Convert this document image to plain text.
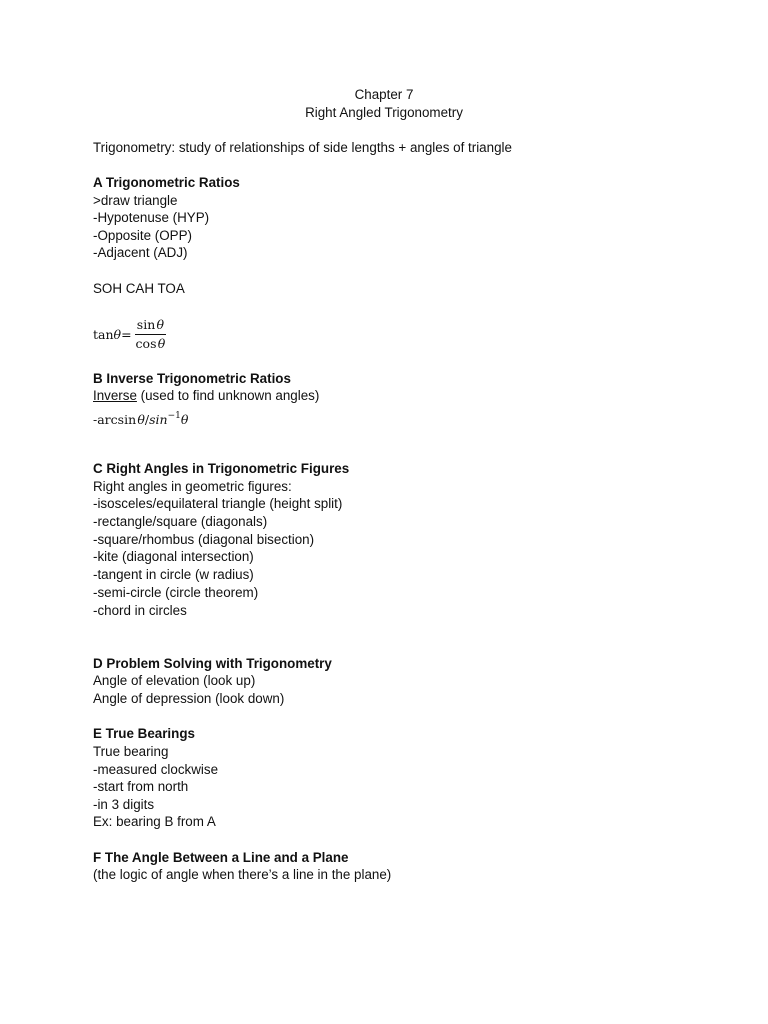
Chapter 7
Right Angled Trigonometry
Trigonometry: study of relationships of side lengths + angles of triangle
A Trigonometric Ratios
>draw triangle
-Hypotenuse (HYP)
-Opposite (OPP)
-Adjacent (ADJ)
SOH CAH TOA
$\tan \theta = \frac{\text{sin θ}}{\text{cos θ}}$
B Inverse Trigonometric Ratios
Inverse (used to find unknown angles)
-arcsin $\theta/\sin^{-1}\theta$
C Right Angles in Trigonometric Figures
Right angles in geometric figures:
-isosceles/equilateral triangle (height split)
-rectangle/square (diagonals)
-square/rhombus (diagonal bisection)
-kite (diagonal intersection)
-tangent in circle (w radius)
-semi-circle (circle theorem)
-chord in circles
D Problem Solving with Trigonometry
Angle of elevation (look up)
Angle of depression (look down)
E True Bearings
True bearing
-measured clockwise
-start from north
-in 3 digits
Ex: bearing B from A
F The Angle Between a Line and a Plane
(the logic of angle when there’s a line in the plane)
